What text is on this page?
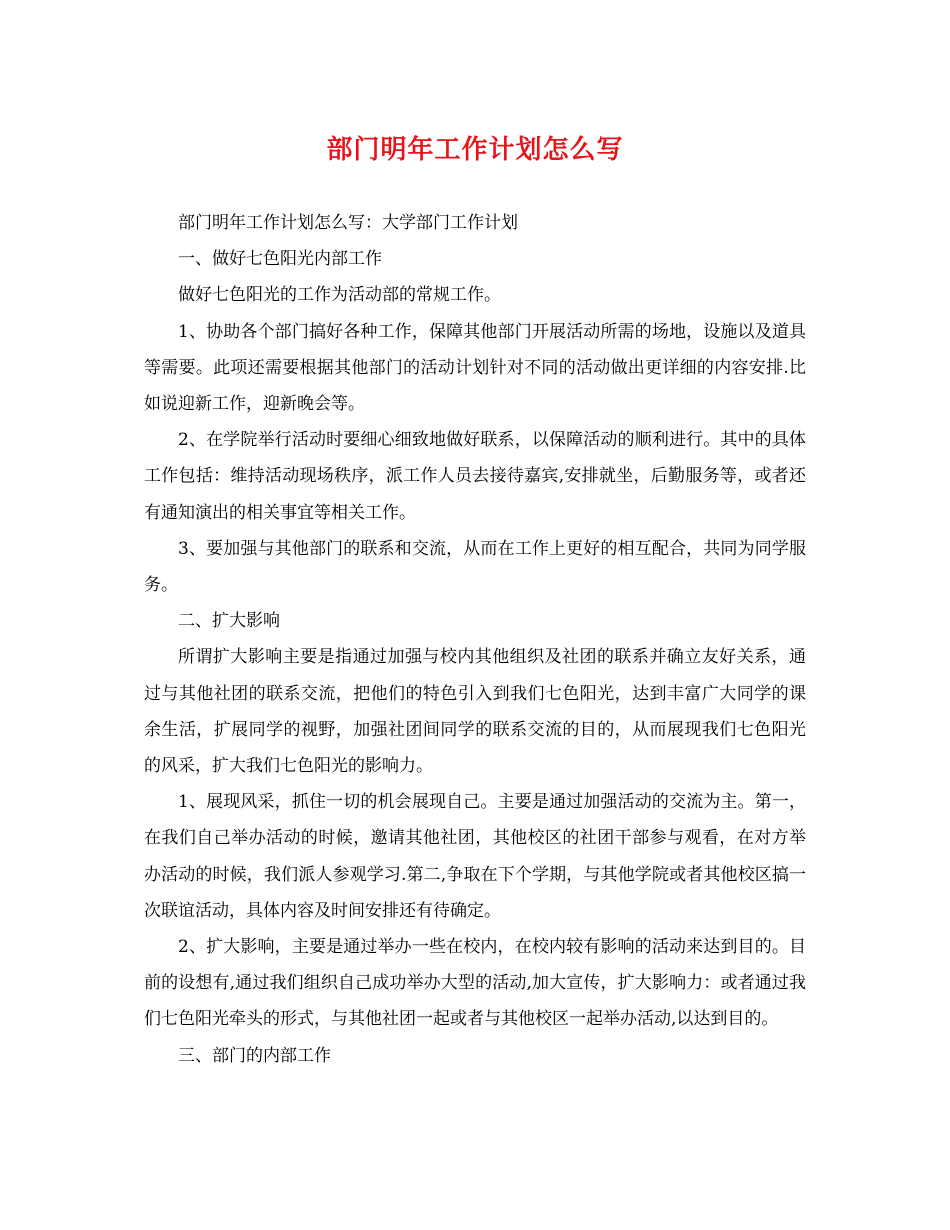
部门明年工作计划怎么写

部门明年工作计划怎么写：大学部门工作计划

一、做好七色阳光内部工作

做好七色阳光的工作为活动部的常规工作。

1、协助各个部门搞好各种工作，保障其他部门开展活动所需的场地，设施以及道具等需要。此项还需要根据其他部门的活动计划针对不同的活动做出更详细的内容安排.比如说迎新工作，迎新晚会等。

2、在学院举行活动时要细心细致地做好联系，以保障活动的顺利进行。其中的具体工作包括：维持活动现场秩序，派工作人员去接待嘉宾,安排就坐，后勤服务等，或者还有通知演出的相关事宜等相关工作。

3、要加强与其他部门的联系和交流，从而在工作上更好的相互配合，共同为同学服务。

二、扩大影响

所谓扩大影响主要是指通过加强与校内其他组织及社团的联系并确立友好关系，通过与其他社团的联系交流，把他们的特色引入到我们七色阳光，达到丰富广大同学的课余生活，扩展同学的视野，加强社团间同学的联系交流的目的，从而展现我们七色阳光的风采，扩大我们七色阳光的影响力。

1、展现风采，抓住一切的机会展现自己。主要是通过加强活动的交流为主。第一，在我们自己举办活动的时候，邀请其他社团，其他校区的社团干部参与观看，在对方举办活动的时候，我们派人参观学习.第二,争取在下个学期，与其他学院或者其他校区搞一次联谊活动，具体内容及时间安排还有待确定。

2、扩大影响，主要是通过举办一些在校内，在校内较有影响的活动来达到目的。目前的设想有,通过我们组织自己成功举办大型的活动,加大宣传，扩大影响力：或者通过我们七色阳光牵头的形式，与其他社团一起或者与其他校区一起举办活动,以达到目的。

三、部门的内部工作
